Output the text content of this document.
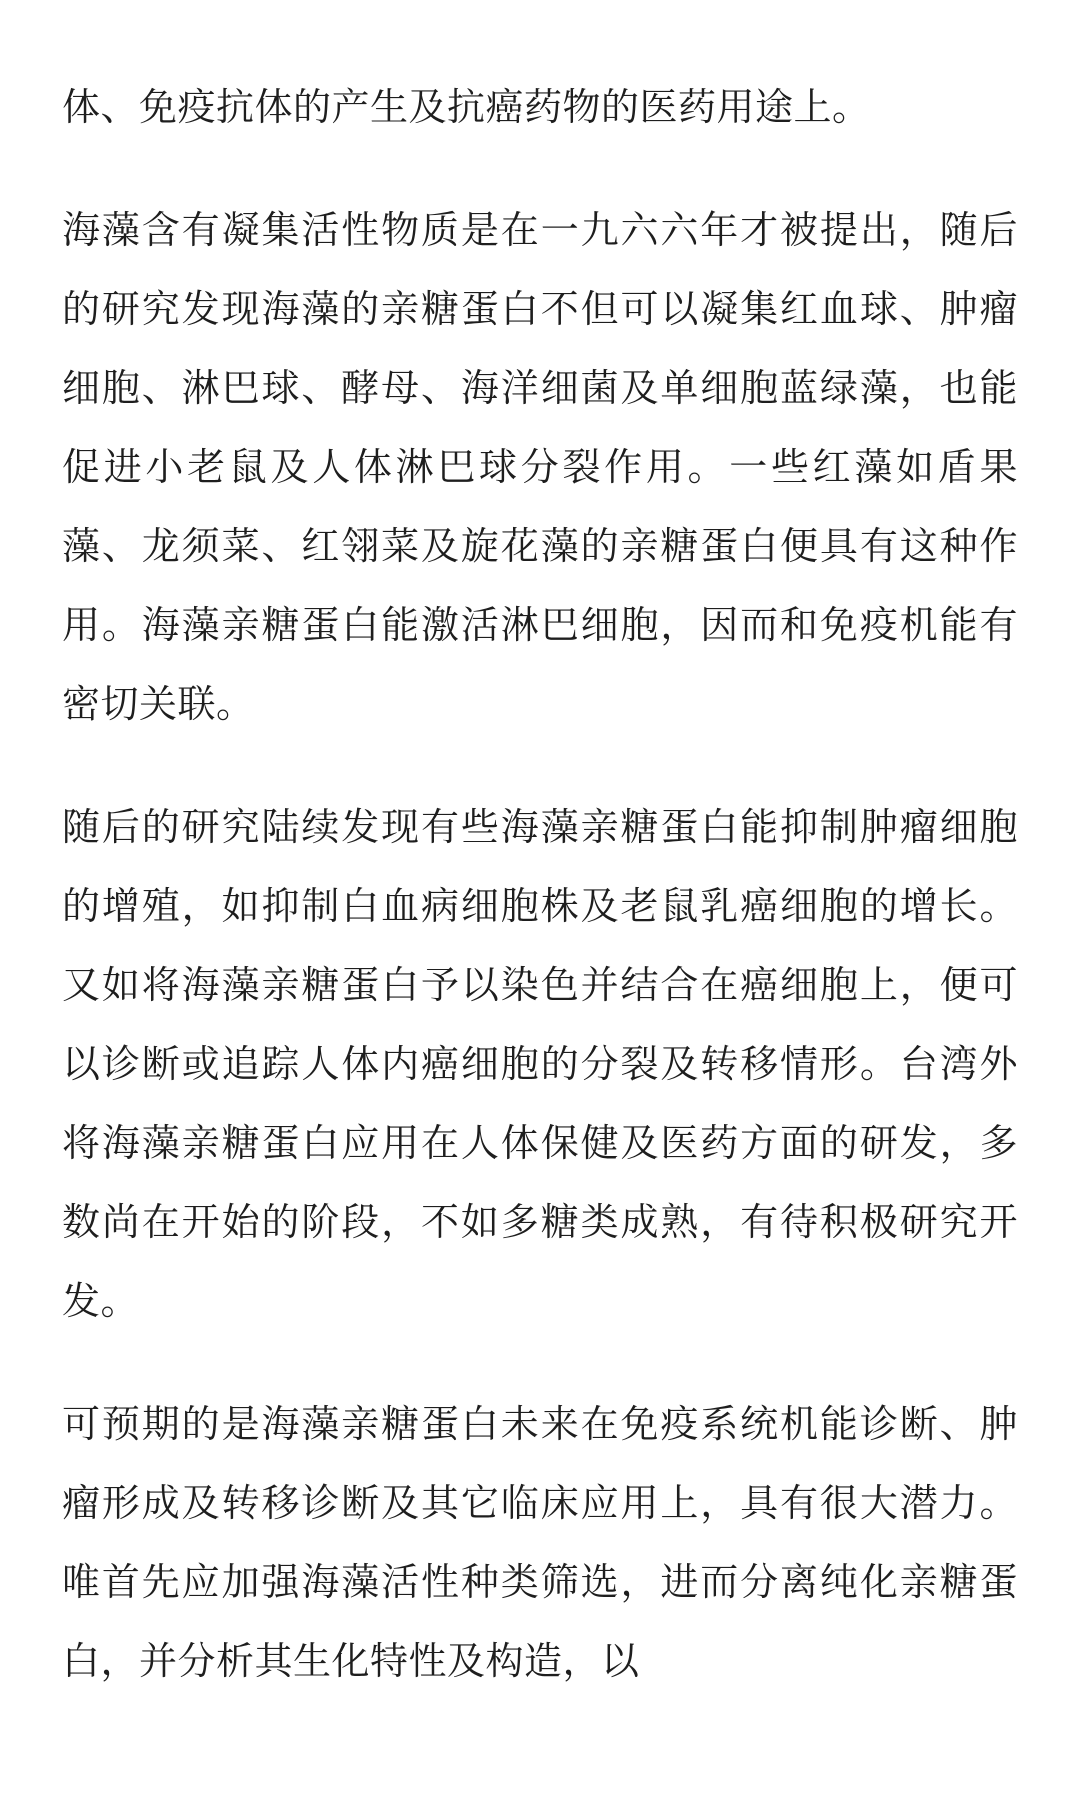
体、免疫抗体的产生及抗癌药物的医药用途上。

海藻含有凝集活性物质是在一九六六年才被提出，随后的研究发现海藻的亲糖蛋白不但可以凝集红血球、肿瘤细胞、淋巴球、酵母、海洋细菌及单细胞蓝绿藻，也能促进小老鼠及人体淋巴球分裂作用。一些红藻如盾果藻、龙须菜、红翎菜及旋花藻的亲糖蛋白便具有这种作用。海藻亲糖蛋白能激活淋巴细胞，因而和免疫机能有密切关联。

随后的研究陆续发现有些海藻亲糖蛋白能抑制肿瘤细胞的增殖，如抑制白血病细胞株及老鼠乳癌细胞的增长。又如将海藻亲糖蛋白予以染色并结合在癌细胞上，便可以诊断或追踪人体内癌细胞的分裂及转移情形。台湾外将海藻亲糖蛋白应用在人体保健及医药方面的研发，多数尚在开始的阶段，不如多糖类成熟，有待积极研究开发。

可预期的是海藻亲糖蛋白未来在免疫系统机能诊断、肿瘤形成及转移诊断及其它临床应用上，具有很大潜力。唯首先应加强海藻活性种类筛选，进而分离纯化亲糖蛋白，并分析其生化特性及构造，以
